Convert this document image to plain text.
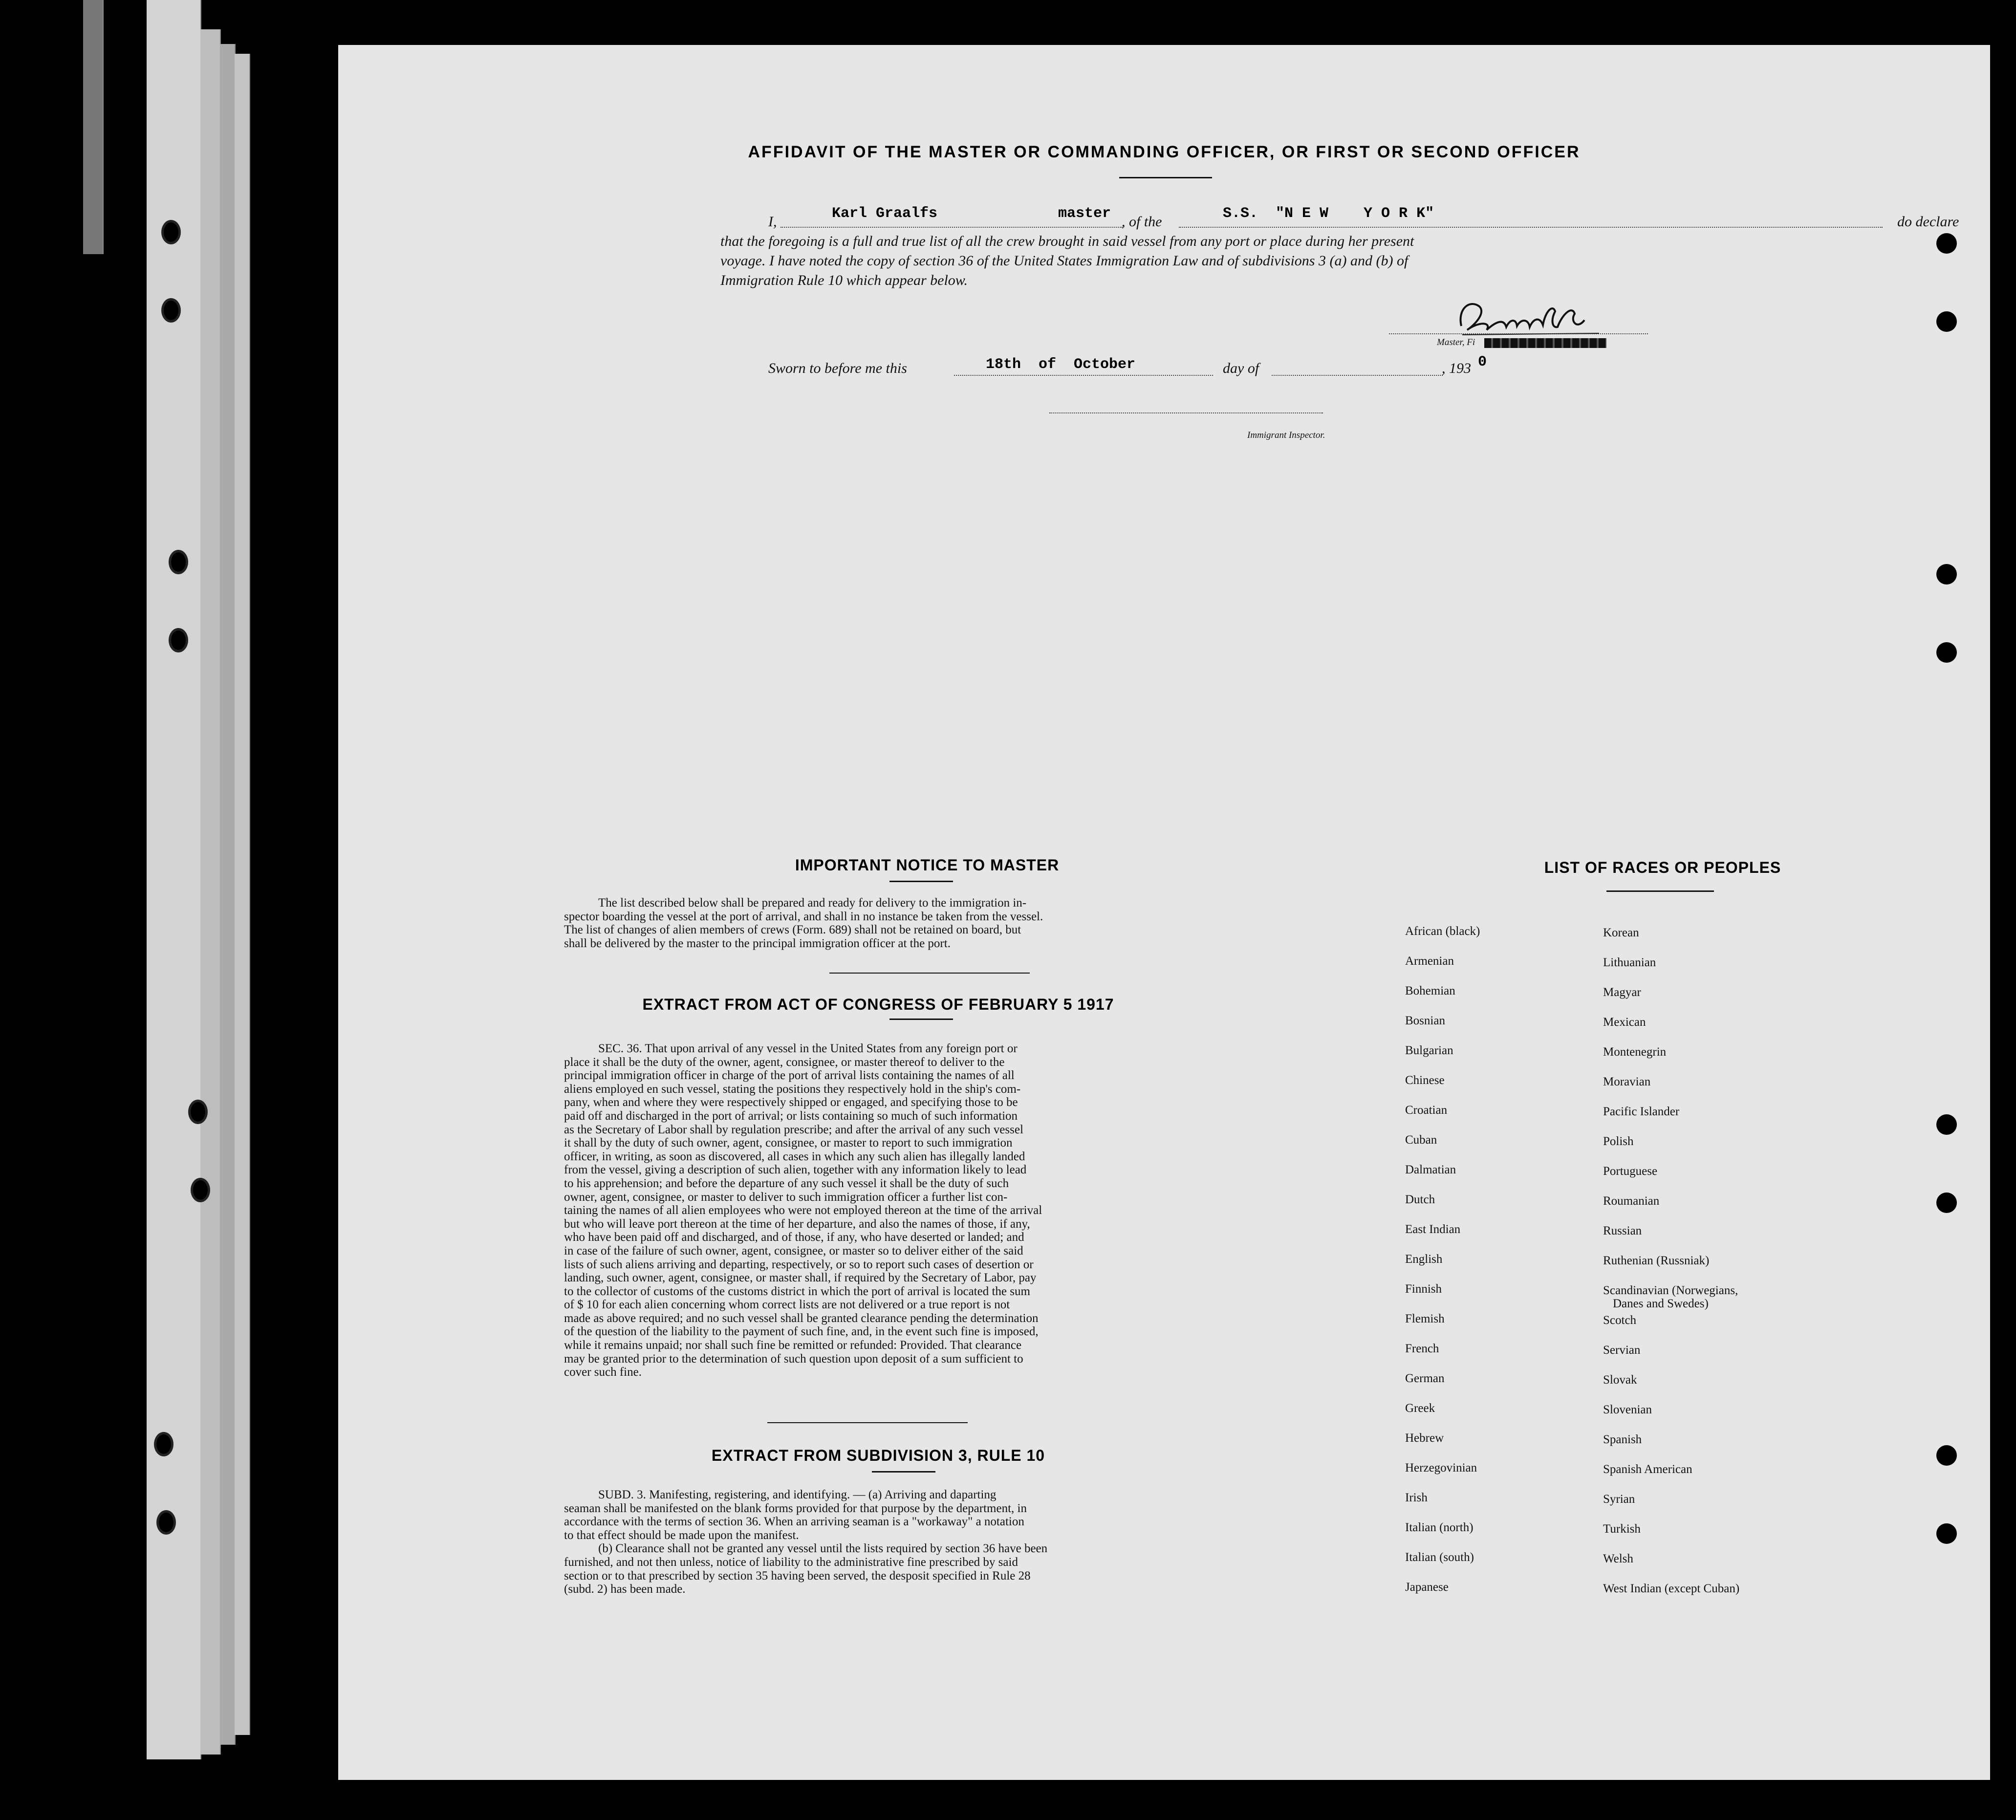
AFFIDAVIT OF THE MASTER OR COMMANDING OFFICER, OR FIRST OR SECOND OFFICER
I,	Karl Graalfs	master , of the	S.S.  "N E W    Y O R K"	do declare
that the foregoing is a full and true list of all the crew brought in said vessel from any port or place during her present
voyage. I have noted the copy of section 36 of the United States Immigration Law and of subdivisions 3 (a) and (b) of
Immigration Rule 10 which appear below.
Master, Fi
Sworn to before me this	18th  of  October	day of	, 193 0
Immigrant Inspector.
IMPORTANT NOTICE TO MASTER
The list described below shall be prepared and ready for delivery to the immigration in-
spector boarding the vessel at the port of arrival, and shall in no instance be taken from the vessel.
The list of changes of alien members of crews (Form. 689) shall not be retained on board, but
shall be delivered by the master to the principal immigration officer at the port.
EXTRACT FROM ACT OF CONGRESS OF FEBRUARY 5 1917
SEC. 36. That upon arrival of any vessel in the United States from any foreign port or
place it shall be the duty of the owner, agent, consignee, or master thereof to deliver to the
principal immigration officer in charge of the port of arrival lists containing the names of all
aliens employed en such vessel, stating the positions they respectively hold in the ship's com-
pany, when and where they were respectively shipped or engaged, and specifying those to be
paid off and discharged in the port of arrival; or lists containing so much of such information
as the Secretary of Labor shall by regulation prescribe; and after the arrival of any such vessel
it shall by the duty of such owner, agent, consignee, or master to report to such immigration
officer, in writing, as soon as discovered, all cases in which any such alien has illegally landed
from the vessel, giving a description of such alien, together with any information likely to lead
to his apprehension; and before the departure of any such vessel it shall be the duty of such
owner, agent, consignee, or master to deliver to such immigration officer a further list con-
taining the names of all alien employees who were not employed thereon at the time of the arrival
but who will leave port thereon at the time of her departure, and also the names of those, if any,
who have been paid off and discharged, and of those, if any, who have deserted or landed; and
in case of the failure of such owner, agent, consignee, or master so to deliver either of the said
lists of such aliens arriving and departing, respectively, or so to report such cases of desertion or
landing, such owner, agent, consignee, or master shall, if required by the Secretary of Labor, pay
to the collector of customs of the customs district in which the port of arrival is located the sum
of $ 10 for each alien concerning whom correct lists are not delivered or a true report is not
made as above required; and no such vessel shall be granted clearance pending the determination
of the question of the liability to the payment of such fine, and, in the event such fine is imposed,
while it remains unpaid; nor shall such fine be remitted or refunded: Provided. That clearance
may be granted prior to the determination of such question upon deposit of a sum sufficient to
cover such fine.
EXTRACT FROM SUBDIVISION 3, RULE 10
SUBD. 3. Manifesting, registering, and identifying. — (a) Arriving and daparting
seaman shall be manifested on the blank forms provided for that purpose by the department, in
accordance with the terms of section 36. When an arriving seaman is a "workaway" a notation
to that effect should be made upon the manifest.
(b) Clearance shall not be granted any vessel until the lists required by section 36 have been
furnished, and not then unless, notice of liability to the administrative fine prescribed by said
section or to that prescribed by section 35 having been served, the desposit specified in Rule 28
(subd. 2) has been made.
LIST OF RACES OR PEOPLES
African (black)
Armenian
Bohemian
Bosnian
Bulgarian
Chinese
Croatian
Cuban
Dalmatian
Dutch
East Indian
English
Finnish
Flemish
French
German
Greek
Hebrew
Herzegovinian
Irish
Italian (north)
Italian (south)
Japanese
Korean
Lithuanian
Magyar
Mexican
Montenegrin
Moravian
Pacific Islander
Polish
Portuguese
Roumanian
Russian
Ruthenian (Russniak)
Scandinavian (Norwegians,
Danes and Swedes)
Scotch
Servian
Slovak
Slovenian
Spanish
Spanish American
Syrian
Turkish
Welsh
West Indian (except Cuban)
